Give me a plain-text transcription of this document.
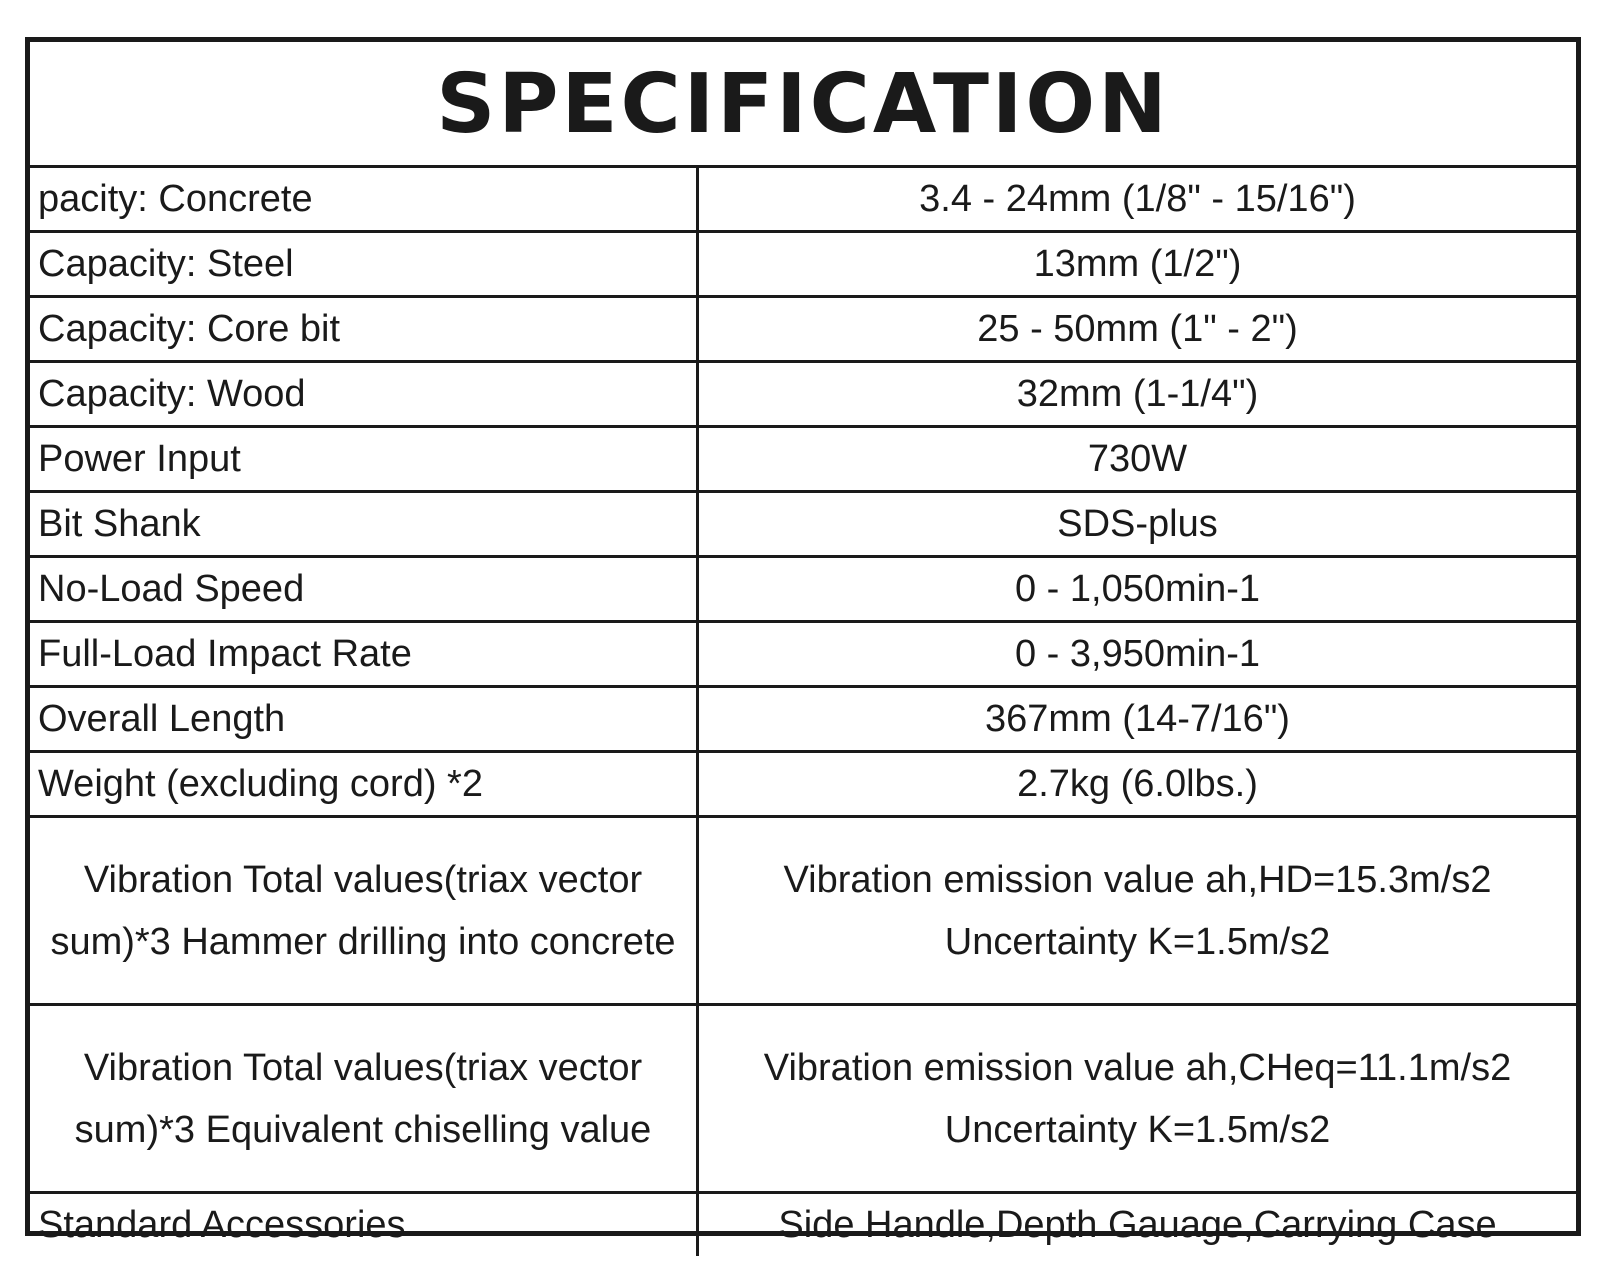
SPECIFICATION
pacity: Concrete	3.4 - 24mm (1/8" - 15/16")

Capacity: Steel	13mm (1/2")

Capacity: Core bit	25 - 50mm (1" - 2")

Capacity: Wood	32mm (1-1/4")

Power Input	730W

Bit Shank	SDS-plus

No-Load Speed	0 - 1,050min-1

Full-Load Impact Rate	0 - 3,950min-1

Overall Length	367mm (14-7/16")

Weight (excluding cord) *2	2.7kg (6.0lbs.)

Vibration Total values(triax vector sum)*3 Hammer drilling into concrete	Vibration emission value ah,HD=15.3m/s2
Uncertainty K=1.5m/s2

Vibration Total values(triax vector sum)*3 Equivalent chiselling value	Vibration emission value ah,CHeq=11.1m/s2
Uncertainty K=1.5m/s2

Standard Accessories	Side Handle,Depth Gauage,Carrying Case
